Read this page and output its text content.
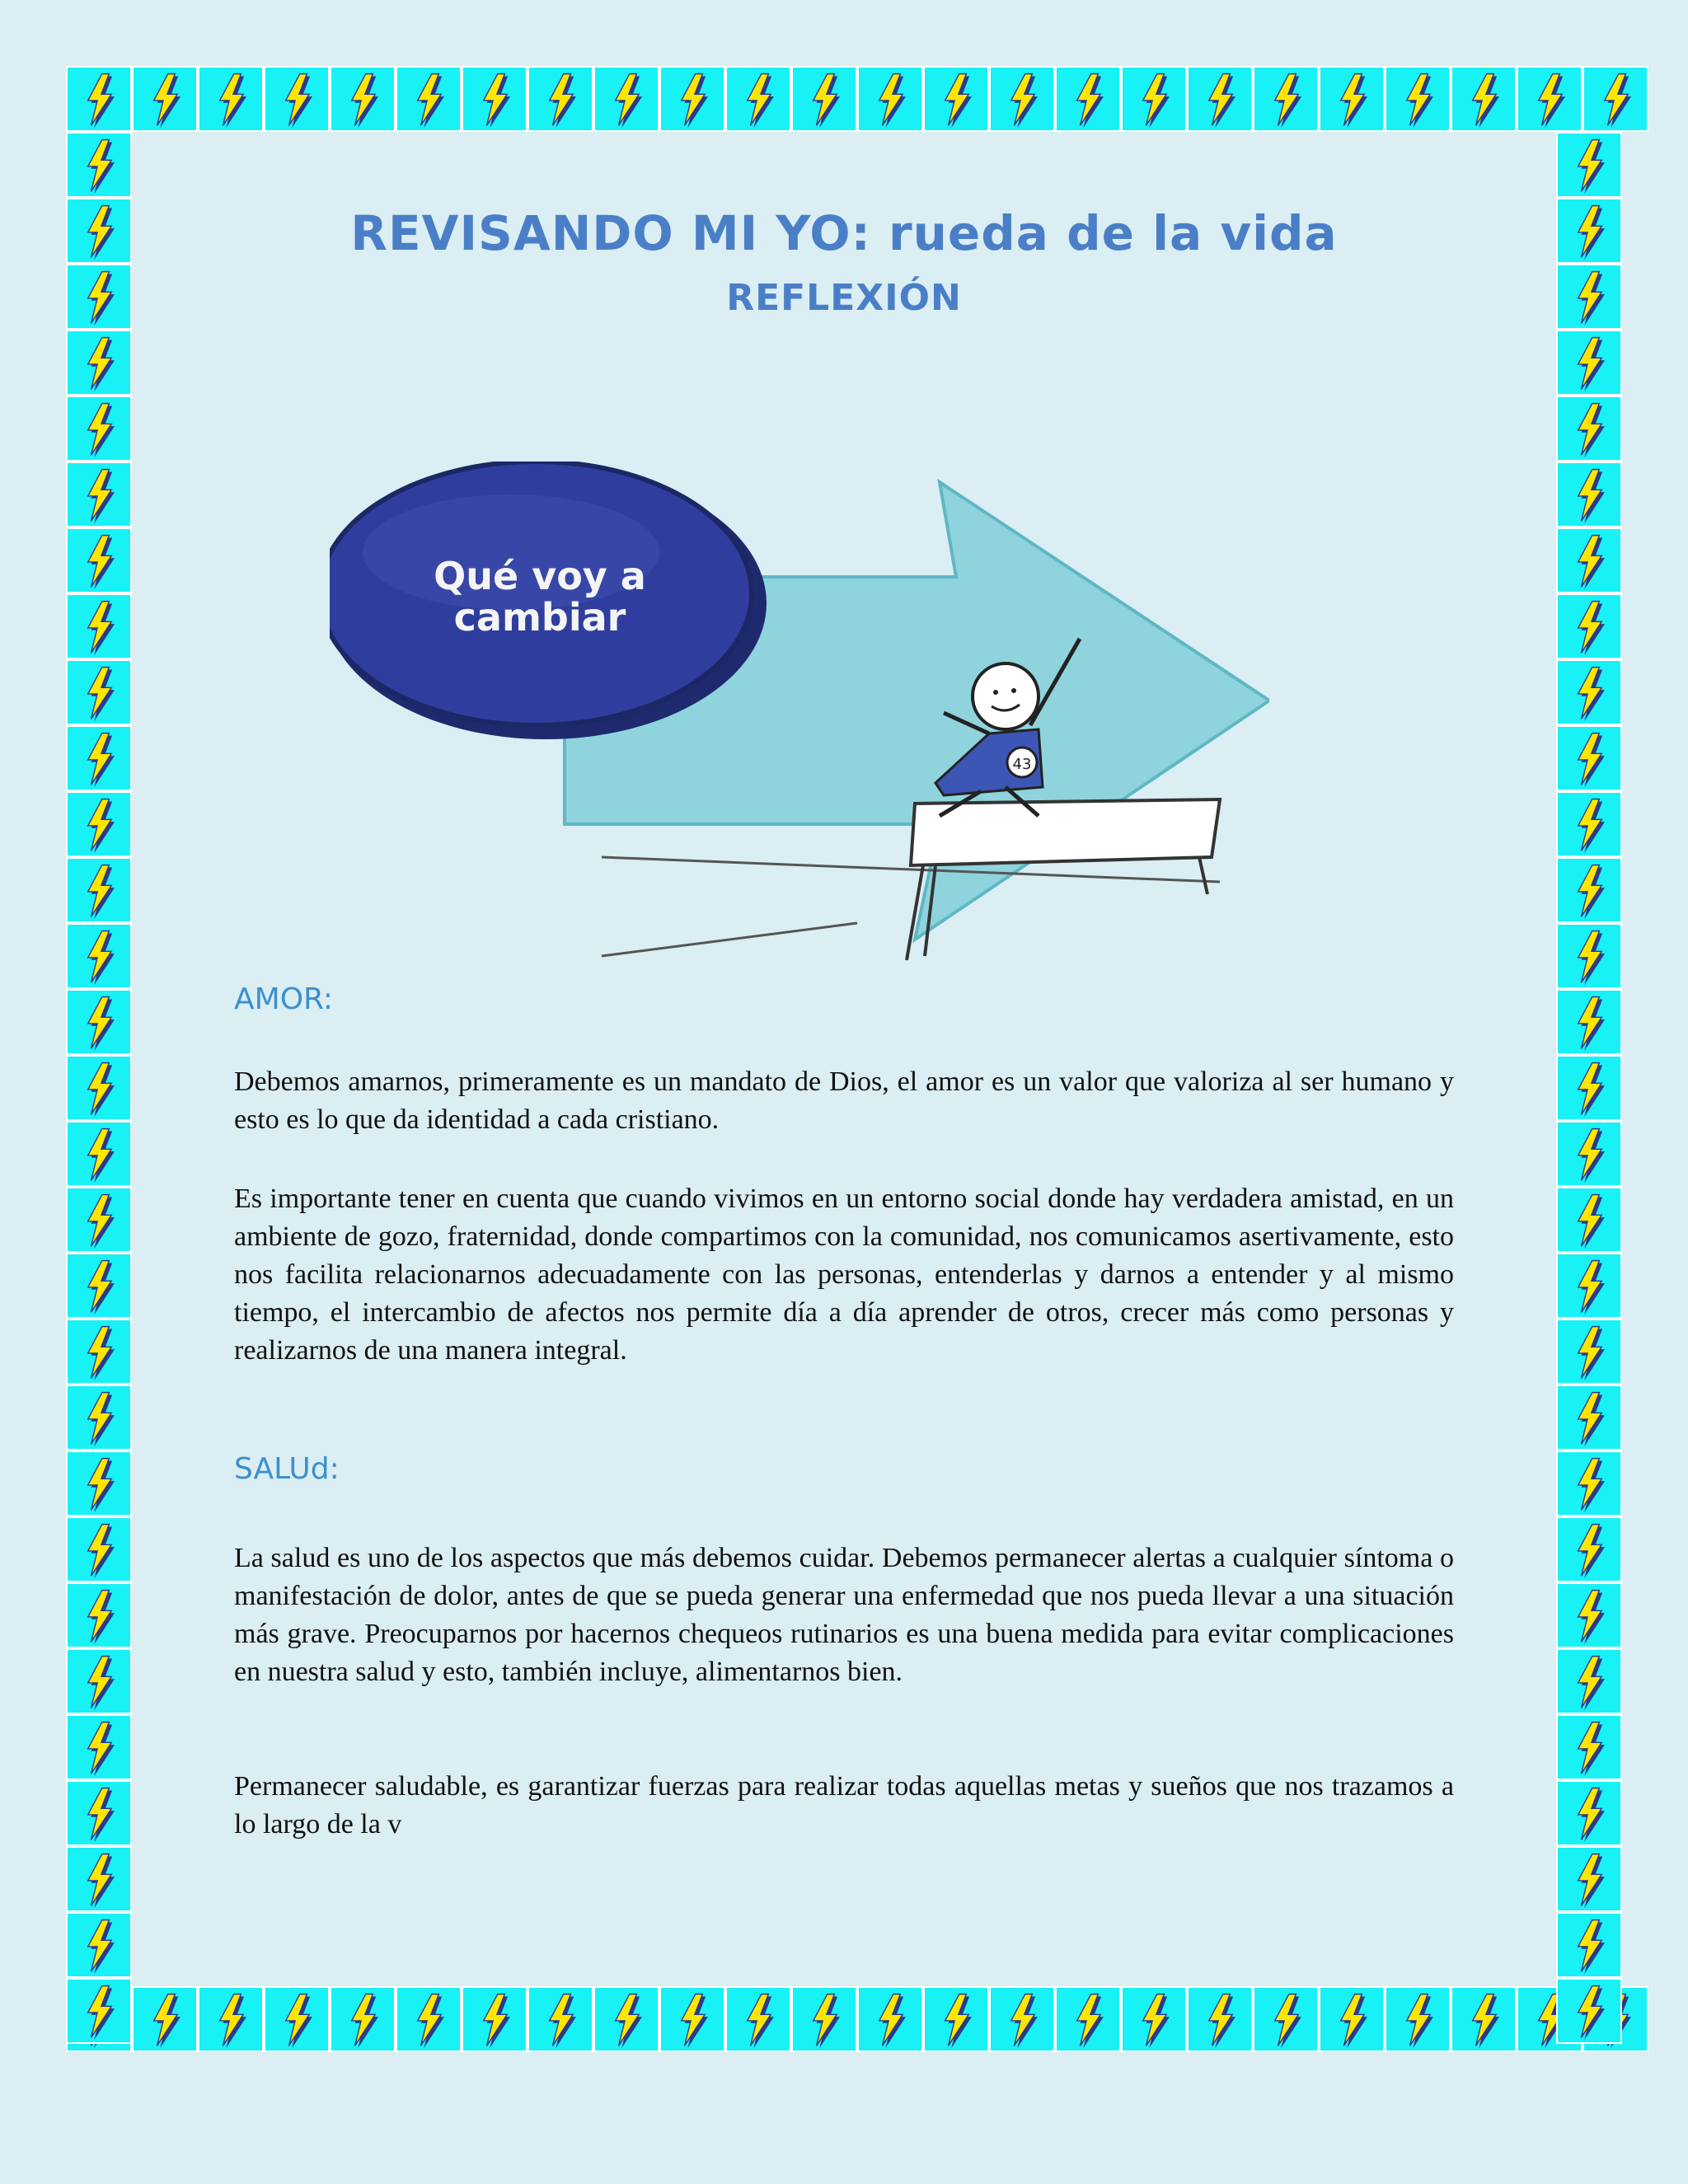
REVISANDO MI YO: rueda de la vida
REFLEXIÓN
Qué voy a
cambiar
43
AMOR:

Debemos amarnos, primeramente es un mandato de Dios, el amor es un valor que valoriza al ser humano y esto es lo que da identidad a cada cristiano.

Es importante tener en cuenta que cuando vivimos en un entorno social donde hay verdadera amistad, en un ambiente de gozo, fraternidad, donde compartimos con la comunidad, nos comunicamos asertivamente, esto nos facilita relacionarnos adecuadamente con las personas, entenderlas y darnos a entender y al mismo tiempo, el intercambio de afectos nos permite día a día aprender de otros, crecer más como personas y realizarnos de una manera integral.

SALUd:

La salud es uno de los aspectos que más debemos cuidar. Debemos permanecer alertas a cualquier síntoma o manifestación de dolor, antes de que se pueda generar una enfermedad que nos pueda llevar a una situación más grave. Preocuparnos por hacernos chequeos rutinarios es una buena medida para evitar complicaciones en nuestra salud y esto, también incluye, alimentarnos bien.

Permanecer saludable, es garantizar fuerzas para realizar todas aquellas metas y sueños que nos trazamos a lo largo de la v
